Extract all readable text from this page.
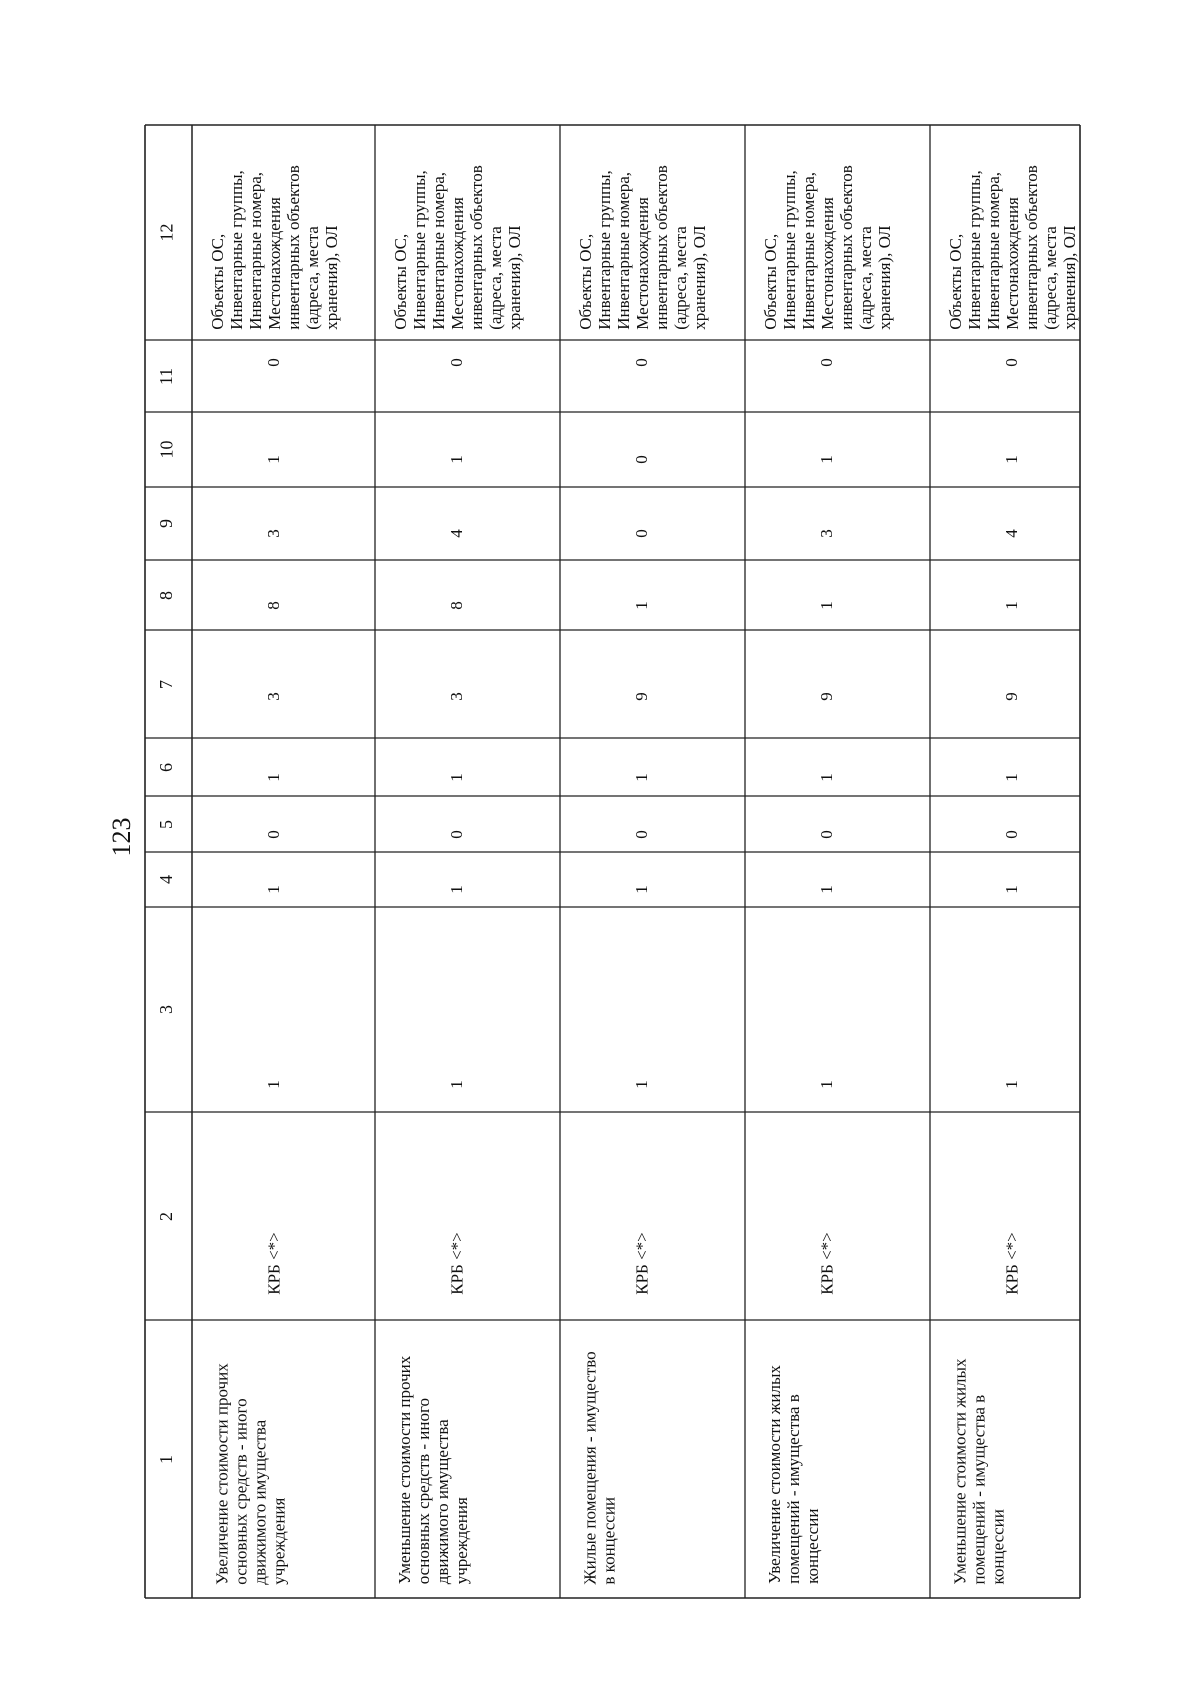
123
1
2
3
4
5
6
7
8
9
10
11
12
Увеличение стоимости прочих
основных средств - иного
движимого имущества
учреждения
КРБ <*>
1
1
0
1
3
8
3
1
0
Объекты ОС,
Инвентарные группы,
Инвентарные номера,
Местонахождения
инвентарных объектов
(адреса, места
хранения), ОЛ
Уменьшение стоимости прочих
основных средств - иного
движимого имущества
учреждения
КРБ <*>
1
1
0
1
3
8
4
1
0
Объекты ОС,
Инвентарные группы,
Инвентарные номера,
Местонахождения
инвентарных объектов
(адреса, места
хранения), ОЛ
Жилые помещения - имущество
в концессии
КРБ <*>
1
1
0
1
9
1
0
0
0
Объекты ОС,
Инвентарные группы,
Инвентарные номера,
Местонахождения
инвентарных объектов
(адреса, места
хранения), ОЛ
Увеличение стоимости жилых
помещений - имущества в
концессии
КРБ <*>
1
1
0
1
9
1
3
1
0
Объекты ОС,
Инвентарные группы,
Инвентарные номера,
Местонахождения
инвентарных объектов
(адреса, места
хранения), ОЛ
Уменьшение стоимости жилых
помещений - имущества в
концессии
КРБ <*>
1
1
0
1
9
1
4
1
0
Объекты ОС,
Инвентарные группы,
Инвентарные номера,
Местонахождения
инвентарных объектов
(адреса, места
хранения), ОЛ
